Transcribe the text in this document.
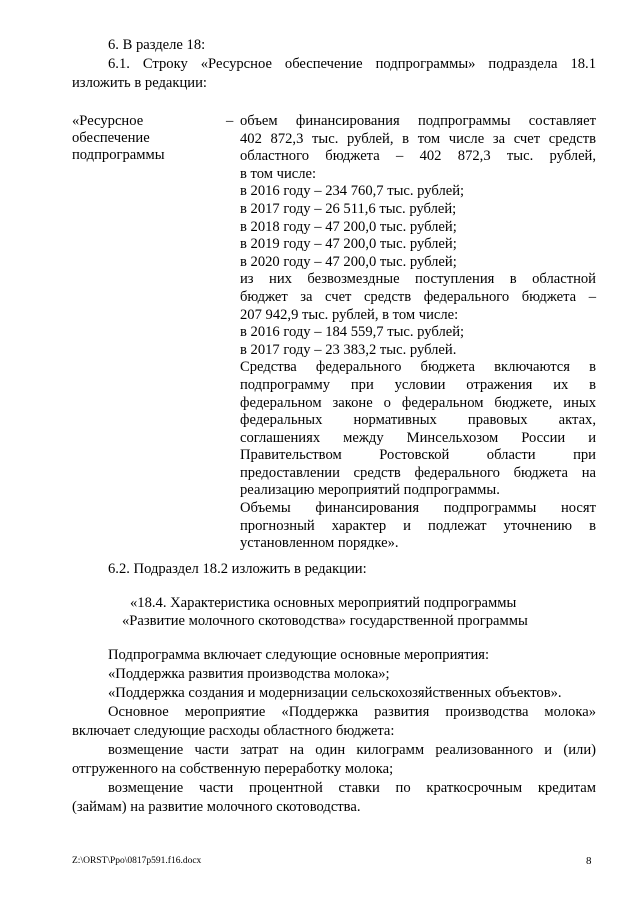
6. В разделе 18:
6.1. Строку «Ресурсное обеспечение подпрограммы» подраздела 18.1
изложить в редакции:
«Ресурсное
обеспечение
подпрограммы
– объем финансирования подпрограммы составляет
402 872,3 тыс. рублей, в том числе за счет средств
областного бюджета – 402 872,3 тыс. рублей,
в том числе:
в 2016 году – 234 760,7 тыс. рублей;
в 2017 году – 26 511,6 тыс. рублей;
в 2018 году – 47 200,0 тыс. рублей;
в 2019 году – 47 200,0 тыс. рублей;
в 2020 году – 47 200,0 тыс. рублей;
из них безвозмездные поступления в областной
бюджет за счет средств федерального бюджета –
207 942,9 тыс. рублей, в том числе:
в 2016 году – 184 559,7 тыс. рублей;
в 2017 году – 23 383,2 тыс. рублей.
Средства федерального бюджета включаются в
подпрограмму при условии отражения их в
федеральном законе о федеральном бюджете, иных
федеральных нормативных правовых актах,
соглашениях между Минсельхозом России и
Правительством Ростовской области при
предоставлении средств федерального бюджета на
реализацию мероприятий подпрограммы.
Объемы финансирования подпрограммы носят
прогнозный характер и подлежат уточнению в
установленном порядке».
6.2. Подраздел 18.2 изложить в редакции:
«18.4. Характеристика основных мероприятий подпрограммы
«Развитие молочного скотоводства» государственной программы
Подпрограмма включает следующие основные мероприятия:
«Поддержка развития производства молока»;
«Поддержка создания и модернизации сельскохозяйственных объектов».
Основное мероприятие «Поддержка развития производства молока»
включает следующие расходы областного бюджета:
возмещение части затрат на один килограмм реализованного и (или)
отгруженного на собственную переработку молока;
возмещение части процентной ставки по краткосрочным кредитам
(займам) на развитие молочного скотоводства.
Z:\ORST\Ppo\0817p591.f16.docx	8
